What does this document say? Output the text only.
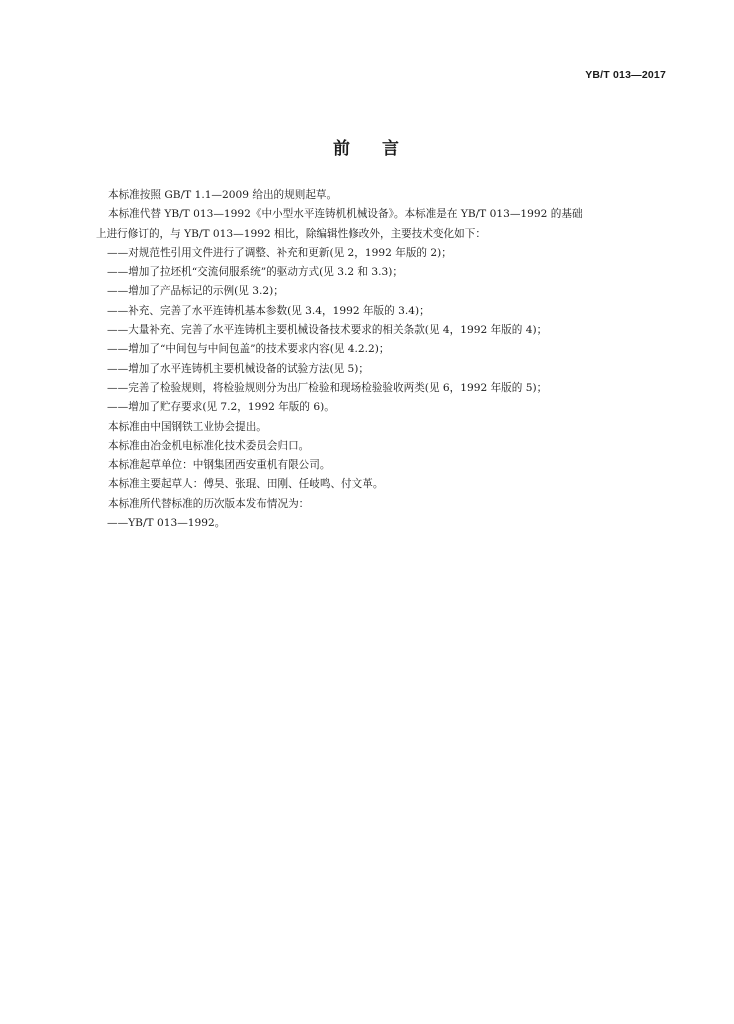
YB/T 013—2017
前 言
本标准按照 GB/T 1.1—2009 给出的规则起草。
本标准代替 YB/T 013—1992《中小型水平连铸机机械设备》。本标准是在 YB/T 013—1992 的基础
上进行修订的，与 YB/T 013—1992 相比，除编辑性修改外，主要技术变化如下：
——对规范性引用文件进行了调整、补充和更新(见 2，1992 年版的 2)；
——增加了拉坯机“交流伺服系统”的驱动方式(见 3.2 和 3.3)；
——增加了产品标记的示例(见 3.2)；
——补充、完善了水平连铸机基本参数(见 3.4，1992 年版的 3.4)；
——大量补充、完善了水平连铸机主要机械设备技术要求的相关条款(见 4，1992 年版的 4)；
——增加了“中间包与中间包盖”的技术要求内容(见 4.2.2)；
——增加了水平连铸机主要机械设备的试验方法(见 5)；
——完善了检验规则，将检验规则分为出厂检验和现场检验验收两类(见 6，1992 年版的 5)；
——增加了贮存要求(见 7.2，1992 年版的 6)。
本标准由中国钢铁工业协会提出。
本标准由冶金机电标准化技术委员会归口。
本标准起草单位：中钢集团西安重机有限公司。
本标准主要起草人：傅昊、张琨、田刚、任岐鸣、付文革。
本标准所代替标准的历次版本发布情况为：
——YB/T 013—1992。
